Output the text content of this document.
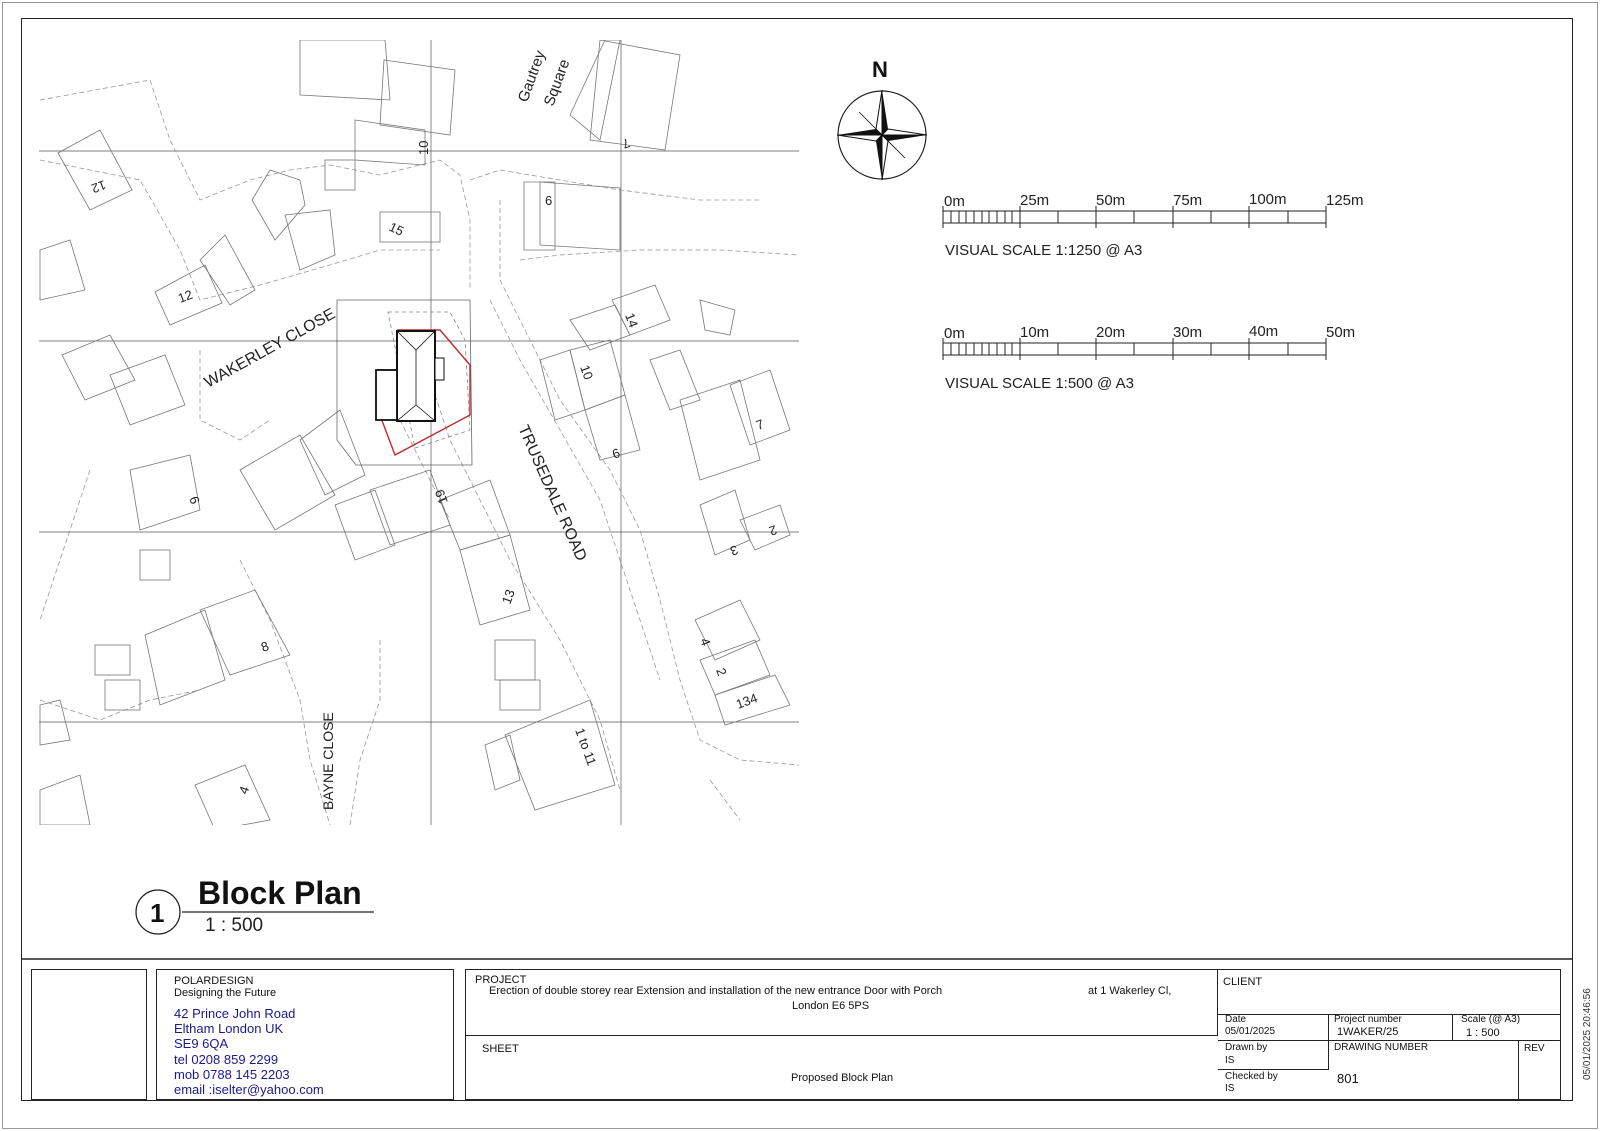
WAKERLEY CLOSE
TRUSEDALE ROAD
BAYNE CLOSE
Gautrey
Square
10
12
15
6
7
12
14
10
9
7
19
9
3
2
13
8	4
2
134
1 to 11
4
N
0m	25m	50m	75m	100m	125m
VISUAL SCALE 1:1250 @ A3
0m	10m	20m	30m	40m	50m
VISUAL SCALE 1:500 @ A3
1
Block Plan
1 : 500
05/01/2025 20:46:56
POLARDESIGN
Designing the Future
42 Prince John Road
Eltham London UK
SE9 6QA
tel 0208 859 2299
mob 0788 145 2203
email :iselter@yahoo.com
PROJECT
Erection of double storey rear Extension and installation of the new entrance Door with Porch	at 1 Wakerley Cl,
London E6 5PS
SHEET
Proposed Block Plan
CLIENT
Date
05/01/2025
Project number
1WAKER/25
Scale (@ A3)
1 : 500
Drawn by
IS
DRAWING NUMBER
801
REV
Checked by
IS
